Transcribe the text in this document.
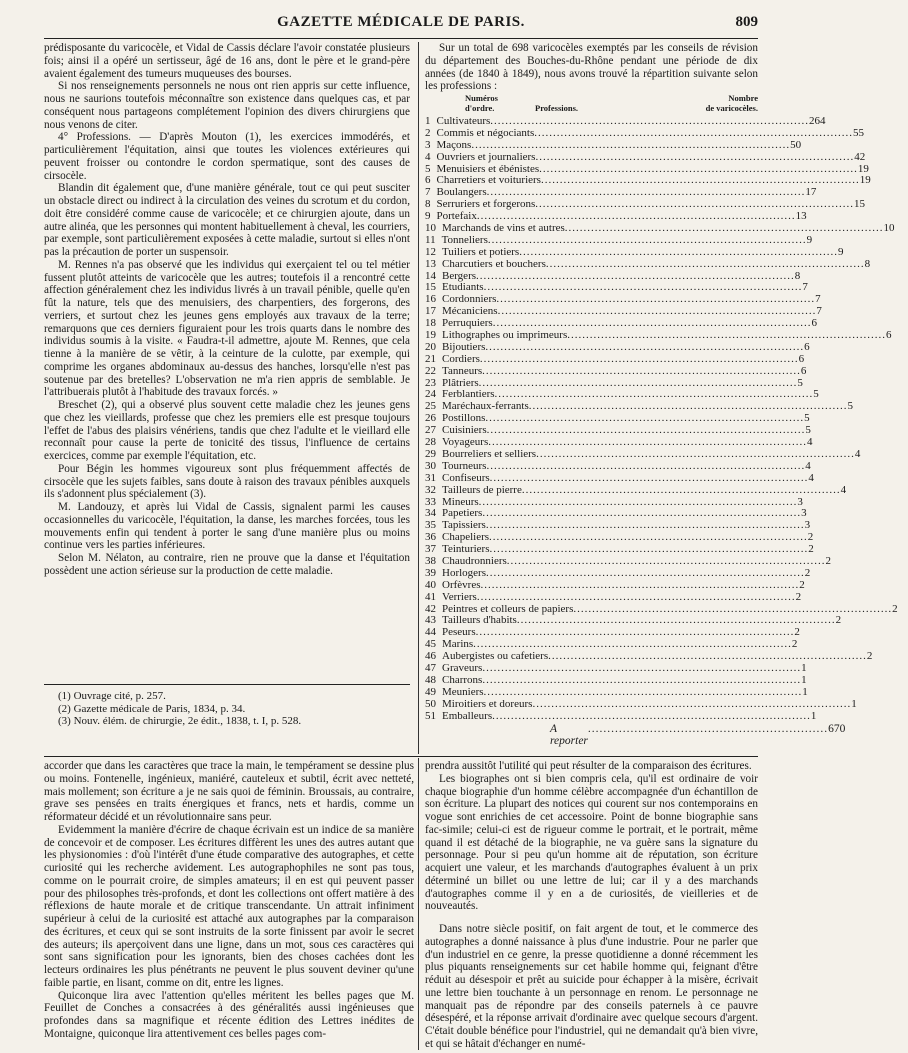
GAZETTE MÉDICALE DE PARIS.	809

prédisposante du varicocèle, et Vidal de Cassis déclare l'avoir constatée plusieurs fois; ainsi il a opéré un sertisseur, âgé de 16 ans, dont le père et le grand-père avaient également des tumeurs muqueuses des bourses.

Si nos renseignements personnels ne nous ont rien appris sur cette influence, nous ne saurions toutefois méconnaître son existence dans quelques cas, et par conséquent nous partageons complétement l'opinion des divers chirurgiens que nous venons de citer.

4° Professions. — D'après Mouton (1), les exercices immodérés, et particulièrement l'équitation, ainsi que toutes les violences extérieures qui peuvent froisser ou contondre le cordon spermatique, sont des causes de cirsocèle.

Blandin dit également que, d'une manière générale, tout ce qui peut susciter un obstacle direct ou indirect à la circulation des veines du scrotum et du cordon, doit être considéré comme cause de varicocèle; et ce chirurgien ajoute, dans un autre alinéa, que les personnes qui montent habituellement à cheval, les courriers, par exemple, sont particulièrement exposées à cette maladie, surtout si elles n'ont pas la précaution de porter un suspensoir.

M. Rennes n'a pas observé que les individus qui exerçaient tel ou tel métier fussent plutôt atteints de varicocèle que les autres; toutefois il a rencontré cette affection généralement chez les individus livrés à un travail pénible, quelle qu'en fût la nature, tels que des menuisiers, des charpentiers, des forgerons, des verriers, et surtout chez les jeunes gens employés aux travaux de la terre; remarquons que ces derniers figuraient pour les trois quarts dans le nombre des individus soumis à la visite. « Faudra-t-il admettre, ajoute M. Rennes, que cela tienne à la manière de se vêtir, à la ceinture de la culotte, par exemple, qui comprime les organes abdominaux au-dessus des hanches, lorsqu'elle n'est pas soutenue par des bretelles? L'observation ne m'a rien appris de semblable. Je l'attribuerais plutôt à l'habitude des travaux forcés. »

Breschet (2), qui a observé plus souvent cette maladie chez les jeunes gens que chez les vieillards, professe que chez les premiers elle est presque toujours l'effet de l'abus des plaisirs vénériens, tandis que chez l'adulte et le vieillard elle reconnaît pour cause la perte de tonicité des tissus, l'influence de certains exercices, comme par exemple l'équitation, etc.

Pour Bégin les hommes vigoureux sont plus fréquemment affectés de cirsocèle que les sujets faibles, sans doute à raison des travaux pénibles auxquels ils s'adonnent plus spécialement (3).

M. Landouzy, et après lui Vidal de Cassis, signalent parmi les causes occasionnelles du varicocèle, l'équitation, la danse, les marches forcées, tous les mouvements enfin qui tendent à porter le sang d'une manière plus ou moins continue vers les parties inférieures.

Selon M. Nélaton, au contraire, rien ne prouve que la danse et l'équitation possèdent une action sérieuse sur la production de cette maladie.

(1) Ouvrage cité, p. 257.

(2) Gazette médicale de Paris, 1834, p. 34.

(3) Nouv. élém. de chirurgie, 2e édit., 1838, t. I, p. 528.

Sur un total de 698 varicocèles exemptés par les conseils de révision du département des Bouches-du-Rhône pendant une période de dix années (de 1840 à 1849), nous avons trouvé la répartition suivante selon les professions :

Numéros
d'ordre.	Professions.
Nombre
de varicocèles.
1 Cultivateurs ..................................................................................... 264
2 Commis et négociants ..................................................................................... 55
3 Maçons ..................................................................................... 50
4 Ouvriers et journaliers ..................................................................................... 42
5 Menuisiers et ébénistes ..................................................................................... 19
6 Charretiers et voituriers ..................................................................................... 19
7 Boulangers ..................................................................................... 17
8 Serruriers et forgerons ..................................................................................... 15
9 Portefaix ..................................................................................... 13
10 Marchands de vins et autres ..................................................................................... 10
11 Tonneliers ..................................................................................... 9
12 Tuiliers et potiers ..................................................................................... 9
13 Charcutiers et bouchers ..................................................................................... 8
14 Bergers ..................................................................................... 8
15 Etudiants ..................................................................................... 7
16 Cordonniers ..................................................................................... 7
17 Mécaniciens ..................................................................................... 7
18 Perruquiers ..................................................................................... 6
19 Lithographes ou imprimeurs ..................................................................................... 6
20 Bijoutiers ..................................................................................... 6
21 Cordiers ..................................................................................... 6
22 Tanneurs ..................................................................................... 6
23 Plâtriers ..................................................................................... 5
24 Ferblantiers ..................................................................................... 5
25 Maréchaux-ferrants ..................................................................................... 5
26 Postillons ..................................................................................... 5
27 Cuisiniers ..................................................................................... 5
28 Voyageurs ..................................................................................... 4
29 Bourreliers et selliers ..................................................................................... 4
30 Tourneurs ..................................................................................... 4
31 Confiseurs ..................................................................................... 4
32 Tailleurs de pierre ..................................................................................... 4
33 Mineurs ..................................................................................... 3
34 Papetiers ..................................................................................... 3
35 Tapissiers ..................................................................................... 3
36 Chapeliers ..................................................................................... 2
37 Teinturiers ..................................................................................... 2
38 Chaudronniers ..................................................................................... 2
39 Horlogers ..................................................................................... 2
40 Orfèvres ..................................................................................... 2
41 Verriers ..................................................................................... 2
42 Peintres et colleurs de papiers ..................................................................................... 2
43 Tailleurs d'habits ..................................................................................... 2
44 Peseurs ..................................................................................... 2
45 Marins ..................................................................................... 2
46 Aubergistes ou cafetiers ..................................................................................... 2
47 Graveurs ..................................................................................... 1
48 Charrons ..................................................................................... 1
49 Meuniers ..................................................................................... 1
50 Miroitiers et doreurs ..................................................................................... 1
51 Emballeurs ..................................................................................... 1
A reporter
.............................................................. 670

accorder que dans les caractères que trace la main, le tempérament se dessine plus ou moins. Fontenelle, ingénieux, maniéré, cauteleux et subtil, écrit avec netteté, mais mollement; son écriture a je ne sais quoi de féminin. Broussais, au contraire, grave ses pensées en traits énergiques et francs, nets et hardis, comme un réformateur décidé et un révolutionnaire sans peur.

Evidemment la manière d'écrire de chaque écrivain est un indice de sa manière de concevoir et de composer. Les écritures diffèrent les unes des autres autant que les physionomies : d'où l'intérêt d'une étude comparative des autographes, et cette curiosité qui les recherche avidement. Les autographophiles ne sont pas tous, comme on le pourrait croire, de simples amateurs; il en est qui peuvent passer pour des philosophes très-profonds, et dont les collections ont offert matière à des réflexions de haute morale et de critique transcendante. Un attrait infiniment supérieur à celui de la curiosité est attaché aux autographes par la comparaison des écritures, et ceux qui se sont instruits de la sorte finissent par avoir le secret des auteurs; ils aperçoivent dans une ligne, dans un mot, sous ces caractères qui sont sans signification pour les ignorants, bien des choses cachées dont les lecteurs ordinaires les plus pénétrants ne peuvent le plus souvent deviner qu'une faible partie, en lisant, comme on dit, entre les lignes.

Quiconque lira avec l'attention qu'elles méritent les belles pages que M. Feuillet de Conches a consacrées à des généralités aussi ingénieuses que profondes dans sa magnifique et récente édition des Lettres inédites de Montaigne, quiconque lira attentivement ces belles pages com-

prendra aussitôt l'utilité qui peut résulter de la comparaison des écritures.

Les biographes ont si bien compris cela, qu'il est ordinaire de voir chaque biographie d'un homme célèbre accompagnée d'un échantillon de son écriture. La plupart des notices qui courent sur nos contemporains en vogue sont enrichies de cet accessoire. Point de bonne biographie sans fac-simile; celui-ci est de rigueur comme le portrait, et le portrait, même quand il est détaché de la biographie, ne va guère sans la signature du personnage. Pour si peu qu'un homme ait de réputation, son écriture acquiert une valeur, et les marchands d'autographes évaluent à un prix déterminé un billet ou une lettre de lui; car il y a des marchands d'autographes comme il y en a de curiosités, de vieilleries et de nouveautés.

Dans notre siècle positif, on fait argent de tout, et le commerce des autographes a donné naissance à plus d'une industrie. Pour ne parler que d'un industriel en ce genre, la presse quotidienne a donné récemment les plus piquants renseignements sur cet habile homme qui, feignant d'être réduit au désespoir et prêt au suicide pour échapper à la misère, écrivait une lettre bien touchante à un personnage en renom. Le personnage ne manquait pas de répondre par des conseils paternels à ce pauvre désespéré, et la réponse arrivait d'ordinaire avec quelque secours d'argent. C'était double bénéfice pour l'industriel, qui ne demandait qu'à bien vivre, et qui se hâtait d'échanger en numé-
